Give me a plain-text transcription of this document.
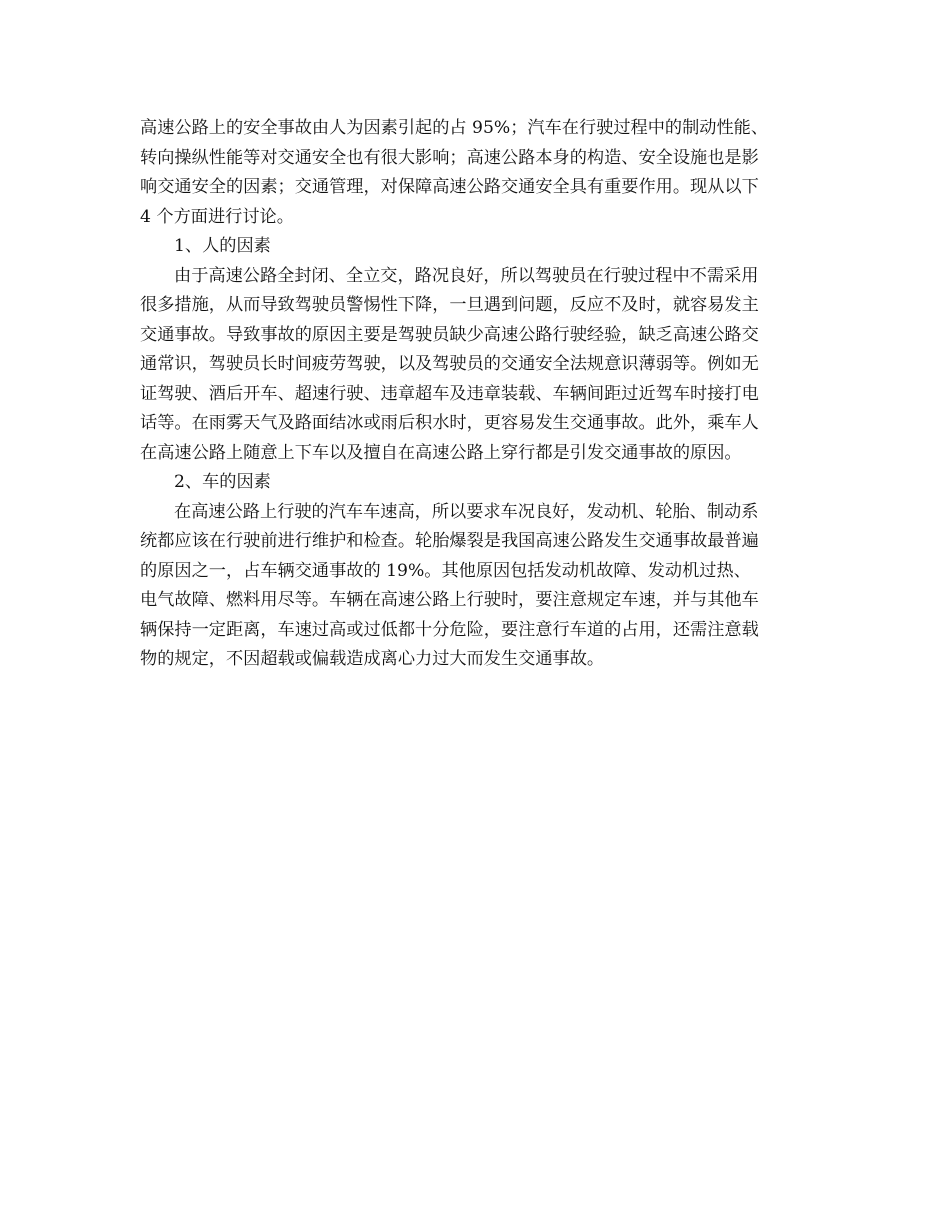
高速公路上的安全事故由人为因素引起的占 95%；汽车在行驶过程中的制动性能、
转向操纵性能等对交通安全也有很大影响；高速公路本身的构造、安全设施也是影
响交通安全的因素；交通管理，对保障高速公路交通安全具有重要作用。现从以下
4 个方面进行讨论。
1、人的因素
由于高速公路全封闭、全立交，路况良好，所以驾驶员在行驶过程中不需采用
很多措施，从而导致驾驶员警惕性下降，一旦遇到问题，反应不及时，就容易发主
交通事故。导致事故的原因主要是驾驶员缺少高速公路行驶经验，缺乏高速公路交
通常识，驾驶员长时间疲劳驾驶，以及驾驶员的交通安全法规意识薄弱等。例如无
证驾驶、酒后开车、超速行驶、违章超车及违章装载、车辆间距过近驾车时接打电
话等。在雨雾天气及路面结冰或雨后积水时，更容易发生交通事故。此外，乘车人
在高速公路上随意上下车以及擅自在高速公路上穿行都是引发交通事故的原因。
2、车的因素
在高速公路上行驶的汽车车速高，所以要求车况良好，发动机、轮胎、制动系
统都应该在行驶前进行维护和检查。轮胎爆裂是我国高速公路发生交通事故最普遍
的原因之一，占车辆交通事故的 19%。其他原因包括发动机故障、发动机过热、
电气故障、燃料用尽等。车辆在高速公路上行驶时，要注意规定车速，并与其他车
辆保持一定距离，车速过高或过低都十分危险，要注意行车道的占用，还需注意载
物的规定，不因超载或偏载造成离心力过大而发生交通事故。
